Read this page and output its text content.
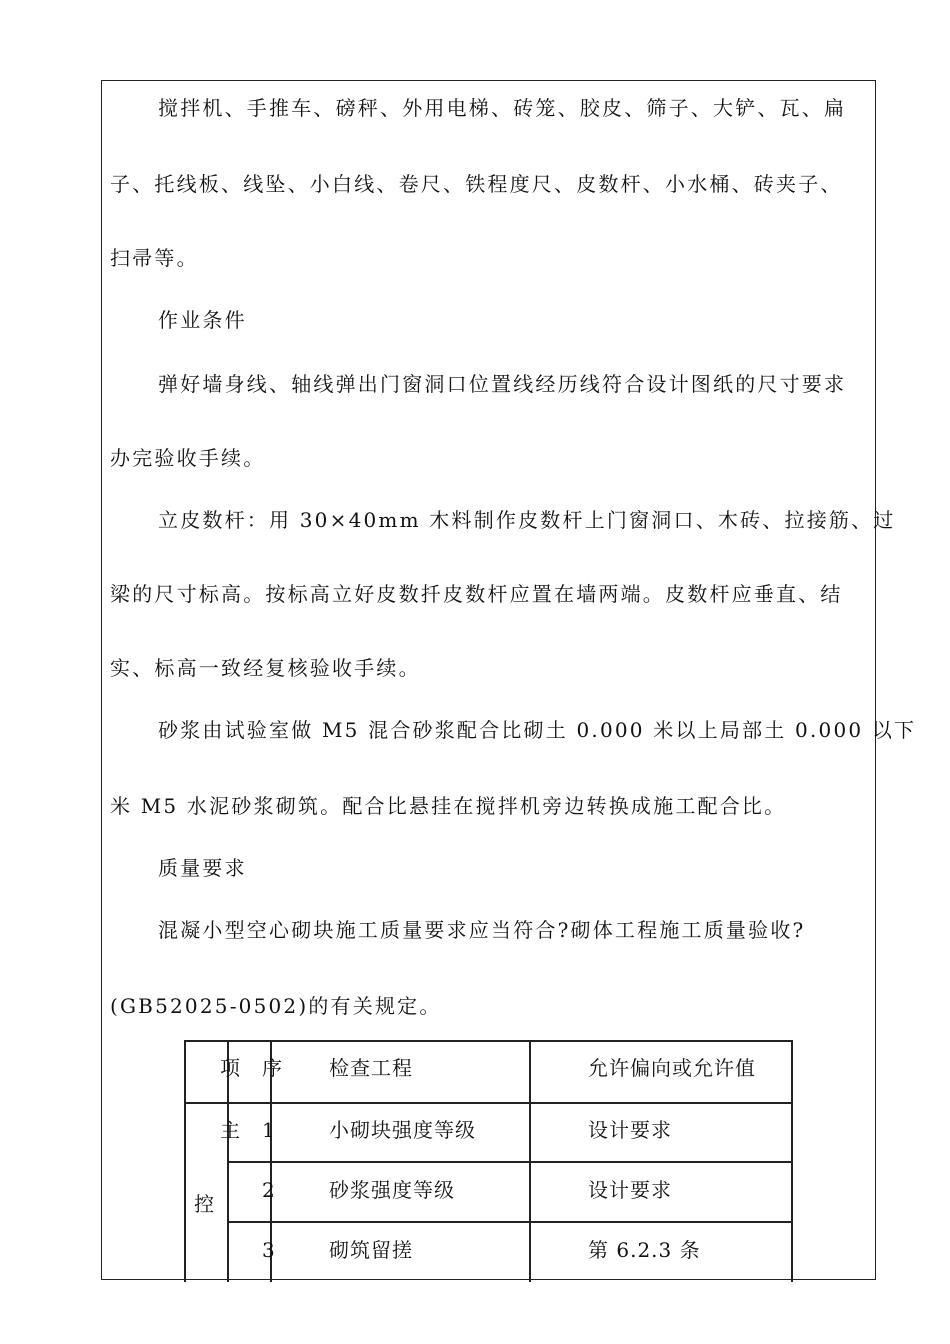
搅拌机、手推车、磅秤、外用电梯、砖笼、胶皮、筛子、大铲、瓦、扁
子、托线板、线坠、小白线、卷尺、铁程度尺、皮数杆、小水桶、砖夹子、
扫帚等。
作业条件
弹好墙身线、轴线弹出门窗洞口位置线经历线符合设计图纸的尺寸要求
办完验收手续。
立皮数杆：用 30×40mm 木料制作皮数杆上门窗洞口、木砖、拉接筋、过
梁的尺寸标高。按标高立好皮数扦皮数杆应置在墙两端。皮数杆应垂直、结
实、标高一致经复核验收手续。
砂浆由试验室做 M5 混合砂浆配合比砌土 0.000 米以上局部土 0.000 以下
米 M5 水泥砂浆砌筑。配合比悬挂在搅拌机旁边转换成施工配合比。
质量要求
混凝小型空心砌块施工质量要求应当符合?砌体工程施工质量验收?
(GB52025-0502)的有关规定。
项 序 检查工程	允许偏向或允许值
主
控
1	小砌块强度等级	设计要求
2	砂浆强度等级	设计要求
3	砌筑留搓	第 6.2.3 条
